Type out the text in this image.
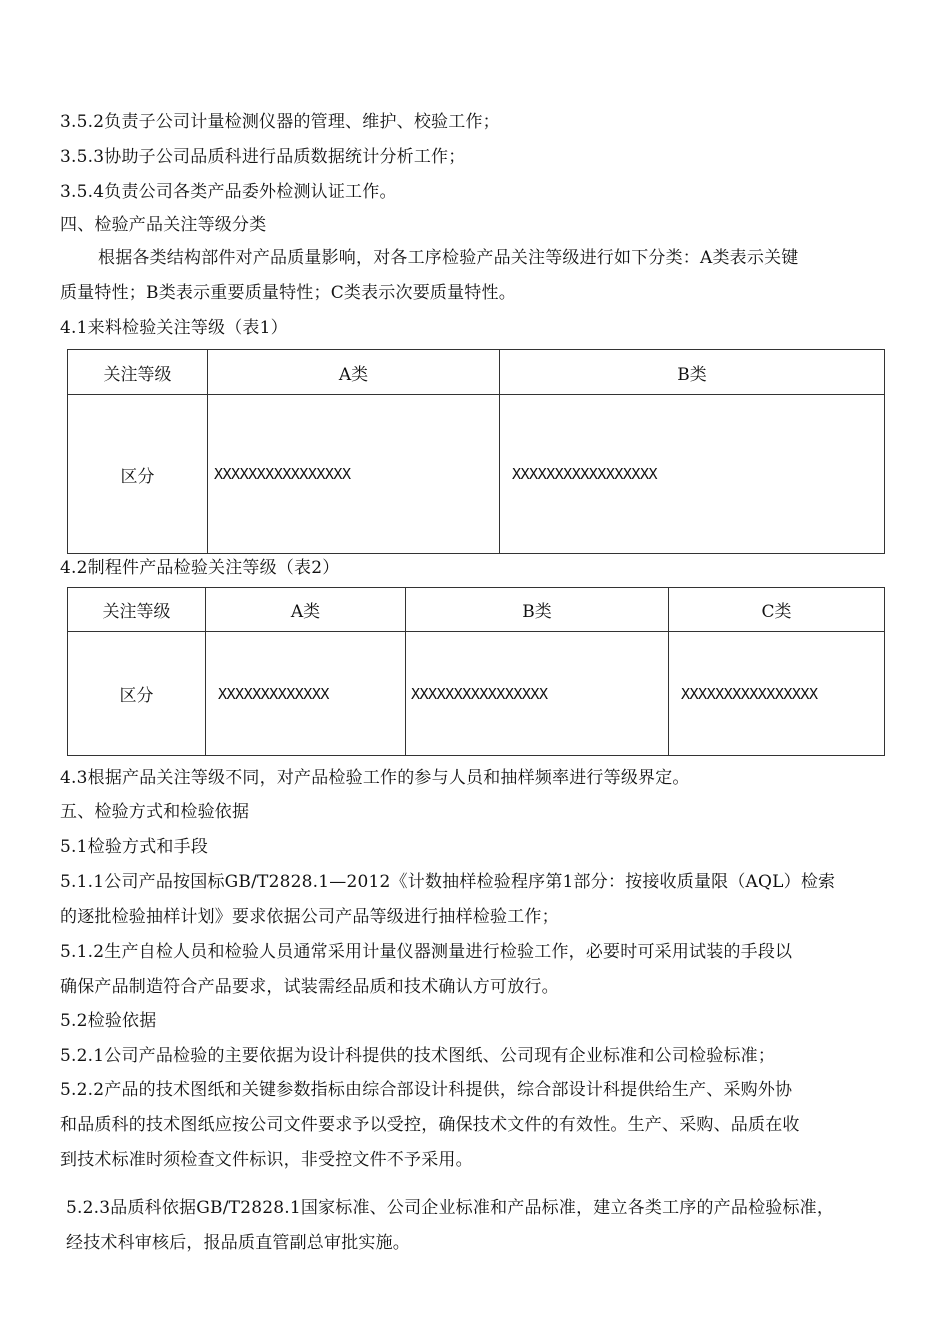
3.5.2负责子公司计量检测仪器的管理、维护、校验工作；
3.5.3协助子公司品质科进行品质数据统计分析工作；
3.5.4负责公司各类产品委外检测认证工作。
四、检验产品关注等级分类
根据各类结构部件对产品质量影响，对各工序检验产品关注等级进行如下分类：A类表示关键
质量特性；B类表示重要质量特性；C类表示次要质量特性。
4.1来料检验关注等级（表1）
关注等级	A类	B类
区分	XXXXXXXXXXXXXXXX	XXXXXXXXXXXXXXXXX
4.2制程件产品检验关注等级（表2）
关注等级	A类	B类	C类
区分	XXXXXXXXXXXXX	XXXXXXXXXXXXXXXX	XXXXXXXXXXXXXXXX
4.3根据产品关注等级不同，对产品检验工作的参与人员和抽样频率进行等级界定。
五、检验方式和检验依据
5.1检验方式和手段
5.1.1公司产品按国标GB/T2828.1—2012《计数抽样检验程序第1部分：按接收质量限（AQL）检索
的逐批检验抽样计划》要求依据公司产品等级进行抽样检验工作；
5.1.2生产自检人员和检验人员通常采用计量仪器测量进行检验工作，必要时可采用试装的手段以
确保产品制造符合产品要求，试装需经品质和技术确认方可放行。
5.2检验依据
5.2.1公司产品检验的主要依据为设计科提供的技术图纸、公司现有企业标准和公司检验标准；
5.2.2产品的技术图纸和关键参数指标由综合部设计科提供，综合部设计科提供给生产、采购外协
和品质科的技术图纸应按公司文件要求予以受控，确保技术文件的有效性。生产、采购、品质在收
到技术标准时须检查文件标识，非受控文件不予采用。
5.2.3品质科依据GB/T2828.1国家标准、公司企业标准和产品标准，建立各类工序的产品检验标准，
经技术科审核后，报品质直管副总审批实施。
